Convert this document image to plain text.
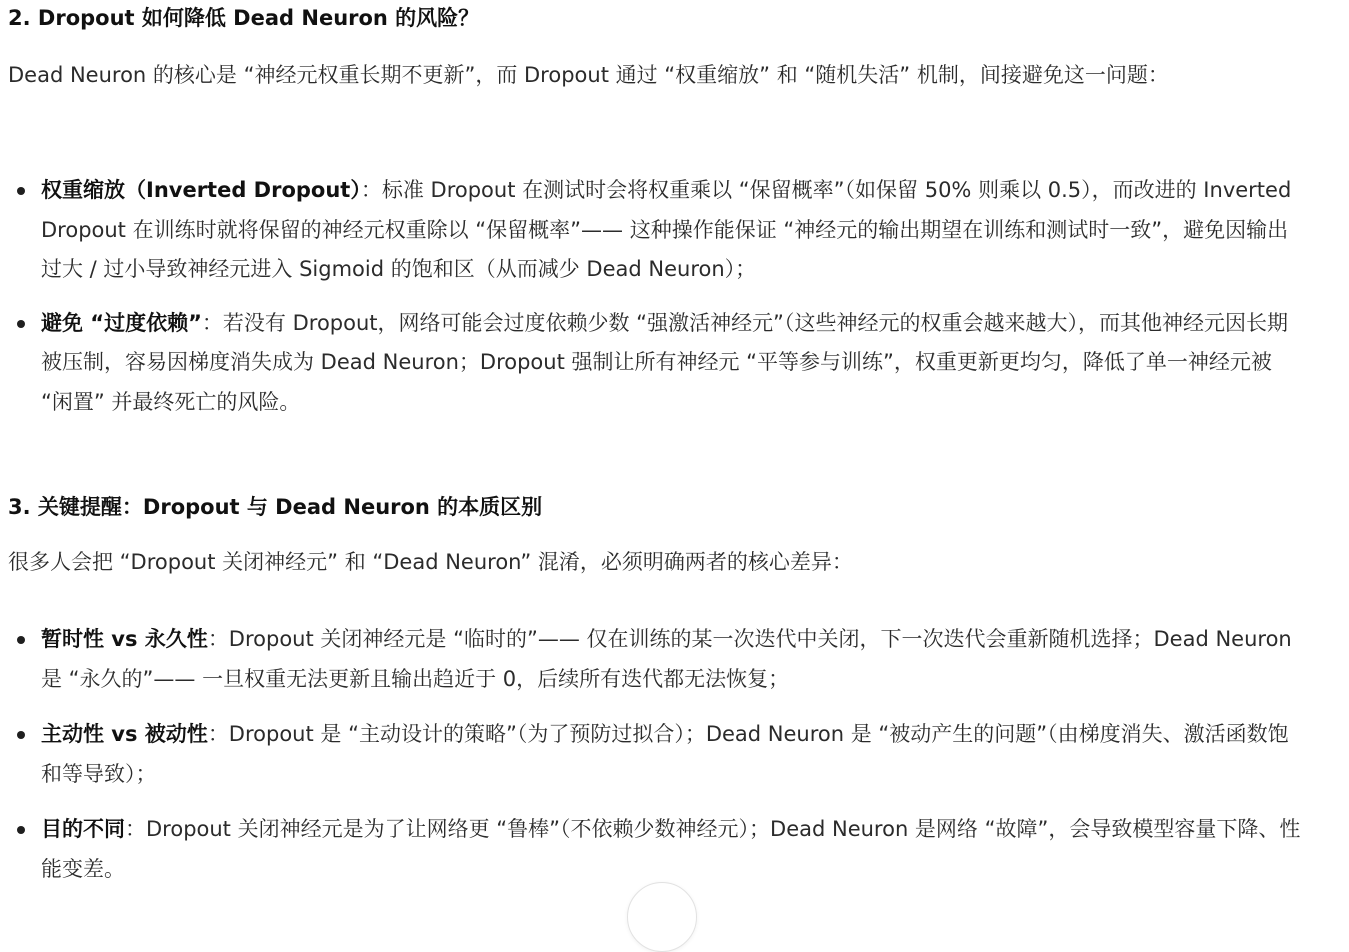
2. Dropout 如何降低 Dead Neuron 的风险？

Dead Neuron 的核心是 “神经元权重长期不更新”，而 Dropout 通过 “权重缩放” 和 “随机失活” 机制，间接避免这一问题：

权重缩放（Inverted Dropout）：标准 Dropout 在测试时会将权重乘以 “保留概率”（如保留 50% 则乘以 0.5），而改进的 Inverted Dropout 在训练时就将保留的神经元权重除以 “保留概率”—— 这种操作能保证 “神经元的输出期望在训练和测试时一致”，避免因输出过大 / 过小导致神经元进入 Sigmoid 的饱和区（从而减少 Dead Neuron）；
避免 “过度依赖”：若没有 Dropout，网络可能会过度依赖少数 “强激活神经元”（这些神经元的权重会越来越大），而其他神经元因长期被压制，容易因梯度消失成为 Dead Neuron；Dropout 强制让所有神经元 “平等参与训练”，权重更新更均匀，降低了单一神经元被 “闲置” 并最终死亡的风险。
3. 关键提醒：Dropout 与 Dead Neuron 的本质区别

很多人会把 “Dropout 关闭神经元” 和 “Dead Neuron” 混淆，必须明确两者的核心差异：

暂时性 vs 永久性：Dropout 关闭神经元是 “临时的”—— 仅在训练的某一次迭代中关闭，下一次迭代会重新随机选择；Dead Neuron 是 “永久的”—— 一旦权重无法更新且输出趋近于 0，后续所有迭代都无法恢复；
主动性 vs 被动性：Dropout 是 “主动设计的策略”（为了预防过拟合）；Dead Neuron 是 “被动产生的问题”（由梯度消失、激活函数饱和等导致）；
目的不同：Dropout 关闭神经元是为了让网络更 “鲁棒”（不依赖少数神经元）；Dead Neuron 是网络 “故障”，会导致模型容量下降、性能变差。
